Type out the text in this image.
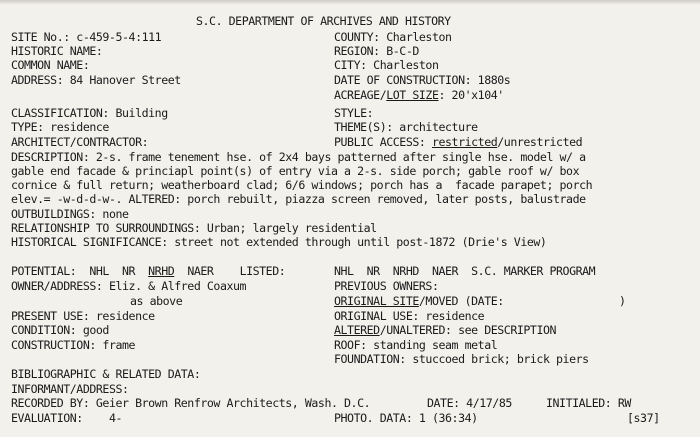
S.C. DEPARTMENT OF ARCHIVES AND HISTORY
SITE No.: c-459-5-4:111
HISTORIC NAME:
COMMON NAME:
ADDRESS: 84 Hanover Street
CLASSIFICATION: Building
TYPE: residence
ARCHITECT/CONTRACTOR:
COUNTY: Charleston
REGION: B-C-D
CITY: Charleston
DATE OF CONSTRUCTION: 1880s
ACREAGE/LOT SIZE: 20'x104'
STYLE:
THEME(S): architecture
PUBLIC ACCESS: restricted/unrestricted
DESCRIPTION: 2-s. frame tenement hse. of 2x4 bays patterned after single hse. model w/ a
gable end facade & princiapl point(s) of entry via a 2-s. side porch; gable roof w/ box
cornice & full return; weatherboard clad; 6/6 windows; porch has a  facade parapet; porch
elev.= -w-d-d-w-. ALTERED: porch rebuilt, piazza screen removed, later posts, balustrade
OUTBUILDINGS: none
RELATIONSHIP TO SURROUNDINGS: Urban; largely residential
HISTORICAL SIGNIFICANCE: street not extended through until post-1872 (Drie's View)
POTENTIAL:  NHL  NR  NRHD  NAER    LISTED:	NHL  NR  NRHD  NAER  S.C. MARKER PROGRAM
OWNER/ADDRESS: Eliz. & Alfred Coaxum
as above
PRESENT USE: residence
CONDITION: good
CONSTRUCTION: frame
PREVIOUS OWNERS:
ORIGINAL SITE/MOVED (DATE:	)
ORIGINAL USE: residence
ALTERED/UNALTERED: see DESCRIPTION
ROOF: standing seam metal
FOUNDATION: stuccoed brick; brick piers
BIBLIOGRAPHIC & RELATED DATA:
INFORMANT/ADDRESS:
RECORDED BY: Geier Brown Renfrow Architects, Wash. D.C.	DATE: 4/17/85	INITIALED: RW
EVALUATION:    4-	PHOTO. DATA: 1 (36:34)	[s37]
